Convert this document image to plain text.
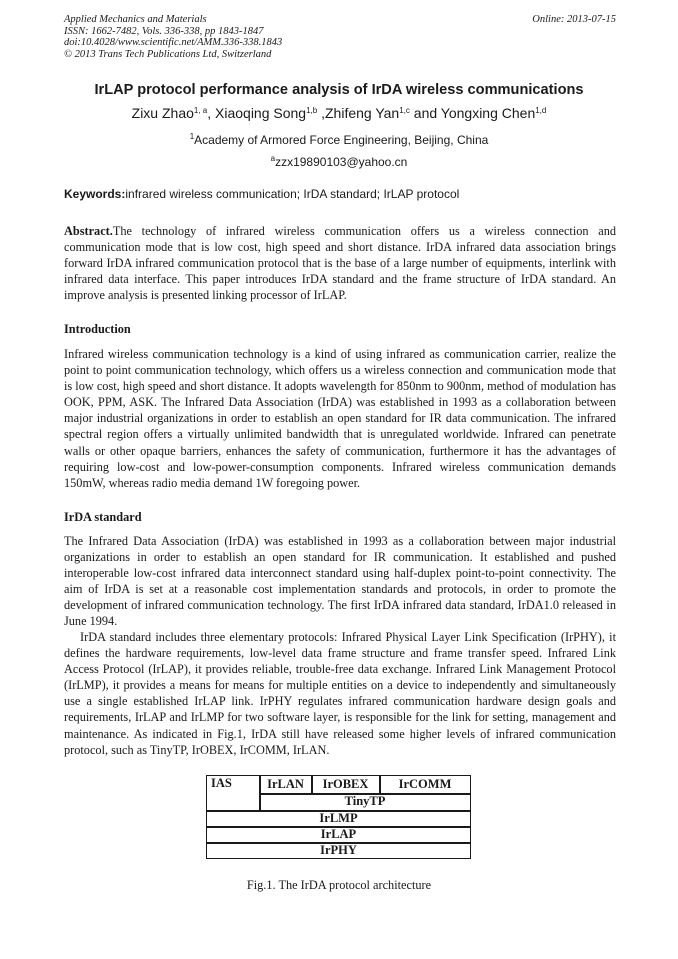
Applied Mechanics and Materials
ISSN: 1662-7482, Vols. 336-338, pp 1843-1847
doi:10.4028/www.scientific.net/AMM.336-338.1843
© 2013 Trans Tech Publications Ltd, Switzerland
Online: 2013-07-15
IrLAP protocol performance analysis of IrDA wireless communications
Zixu Zhao$^{1, a}$, Xiaoqing Song$^{1,b}$ ,Zhifeng Yan$^{1,c}$ and Yongxing Chen$^{1,d}$
$^1$Academy of Armored Force Engineering, Beijing, China
$^a$zzx19890103@yahoo.cn
Keywords:infrared wireless communication; IrDA standard; IrLAP protocol
Abstract.The technology of infrared wireless communication offers us a wireless connection and communication mode that is low cost, high speed and short distance. IrDA infrared data association brings forward IrDA infrared communication protocol that is the base of a large number of equipments, interlink with infrared data interface. This paper introduces IrDA standard and the frame structure of IrDA standard. An improve analysis is presented linking processor of IrLAP.
Introduction
Infrared wireless communication technology is a kind of using infrared as communication carrier, realize the point to point communication technology, which offers us a wireless connection and communication mode that is low cost, high speed and short distance. It adopts wavelength for 850nm to 900nm, method of modulation has OOK, PPM, ASK. The Infrared Data Association (IrDA) was established in 1993 as a collaboration between major industrial organizations in order to establish an open standard for IR data communication. The infrared spectral region offers a virtually unlimited bandwidth that is unregulated worldwide. Infrared can penetrate walls or other opaque barriers, enhances the safety of communication, furthermore it has the advantages of requiring low-cost and low-power-consumption components. Infrared wireless communication demands 150mW, whereas radio media demand 1W foregoing power.
IrDA standard
The Infrared Data Association (IrDA) was established in 1993 as a collaboration between major industrial organizations in order to establish an open standard for IR communication. It established and pushed interoperable low-cost infrared data interconnect standard using half-duplex point-to-point connectivity. The aim of IrDA is set at a reasonable cost implementation standards and protocols, in order to promote the development of infrared communication technology. The first IrDA infrared data standard, IrDA1.0 released in June 1994.
IrDA standard includes three elementary protocols: Infrared Physical Layer Link Specification (IrPHY), it defines the hardware requirements, low-level data frame structure and frame transfer speed. Infrared Link Access Protocol (IrLAP), it provides reliable, trouble-free data exchange. Infrared Link Management Protocol (IrLMP), it provides a means for means for multiple entities on a device to independently and simultaneously use a single established IrLAP link. IrPHY regulates infrared communication hardware design goals and requirements, IrLAP and IrLMP for two software layer, is responsible for the link for setting, management and maintenance. As indicated in Fig.1, IrDA still have released some higher levels of infrared communication protocol, such as TinyTP, IrOBEX, IrCOMM, IrLAN.
IAS	IrLAN	IrOBEX	IrCOMM
TinyTP
IrLMP
IrLAP
IrPHY
Fig.1. The IrDA protocol architecture
